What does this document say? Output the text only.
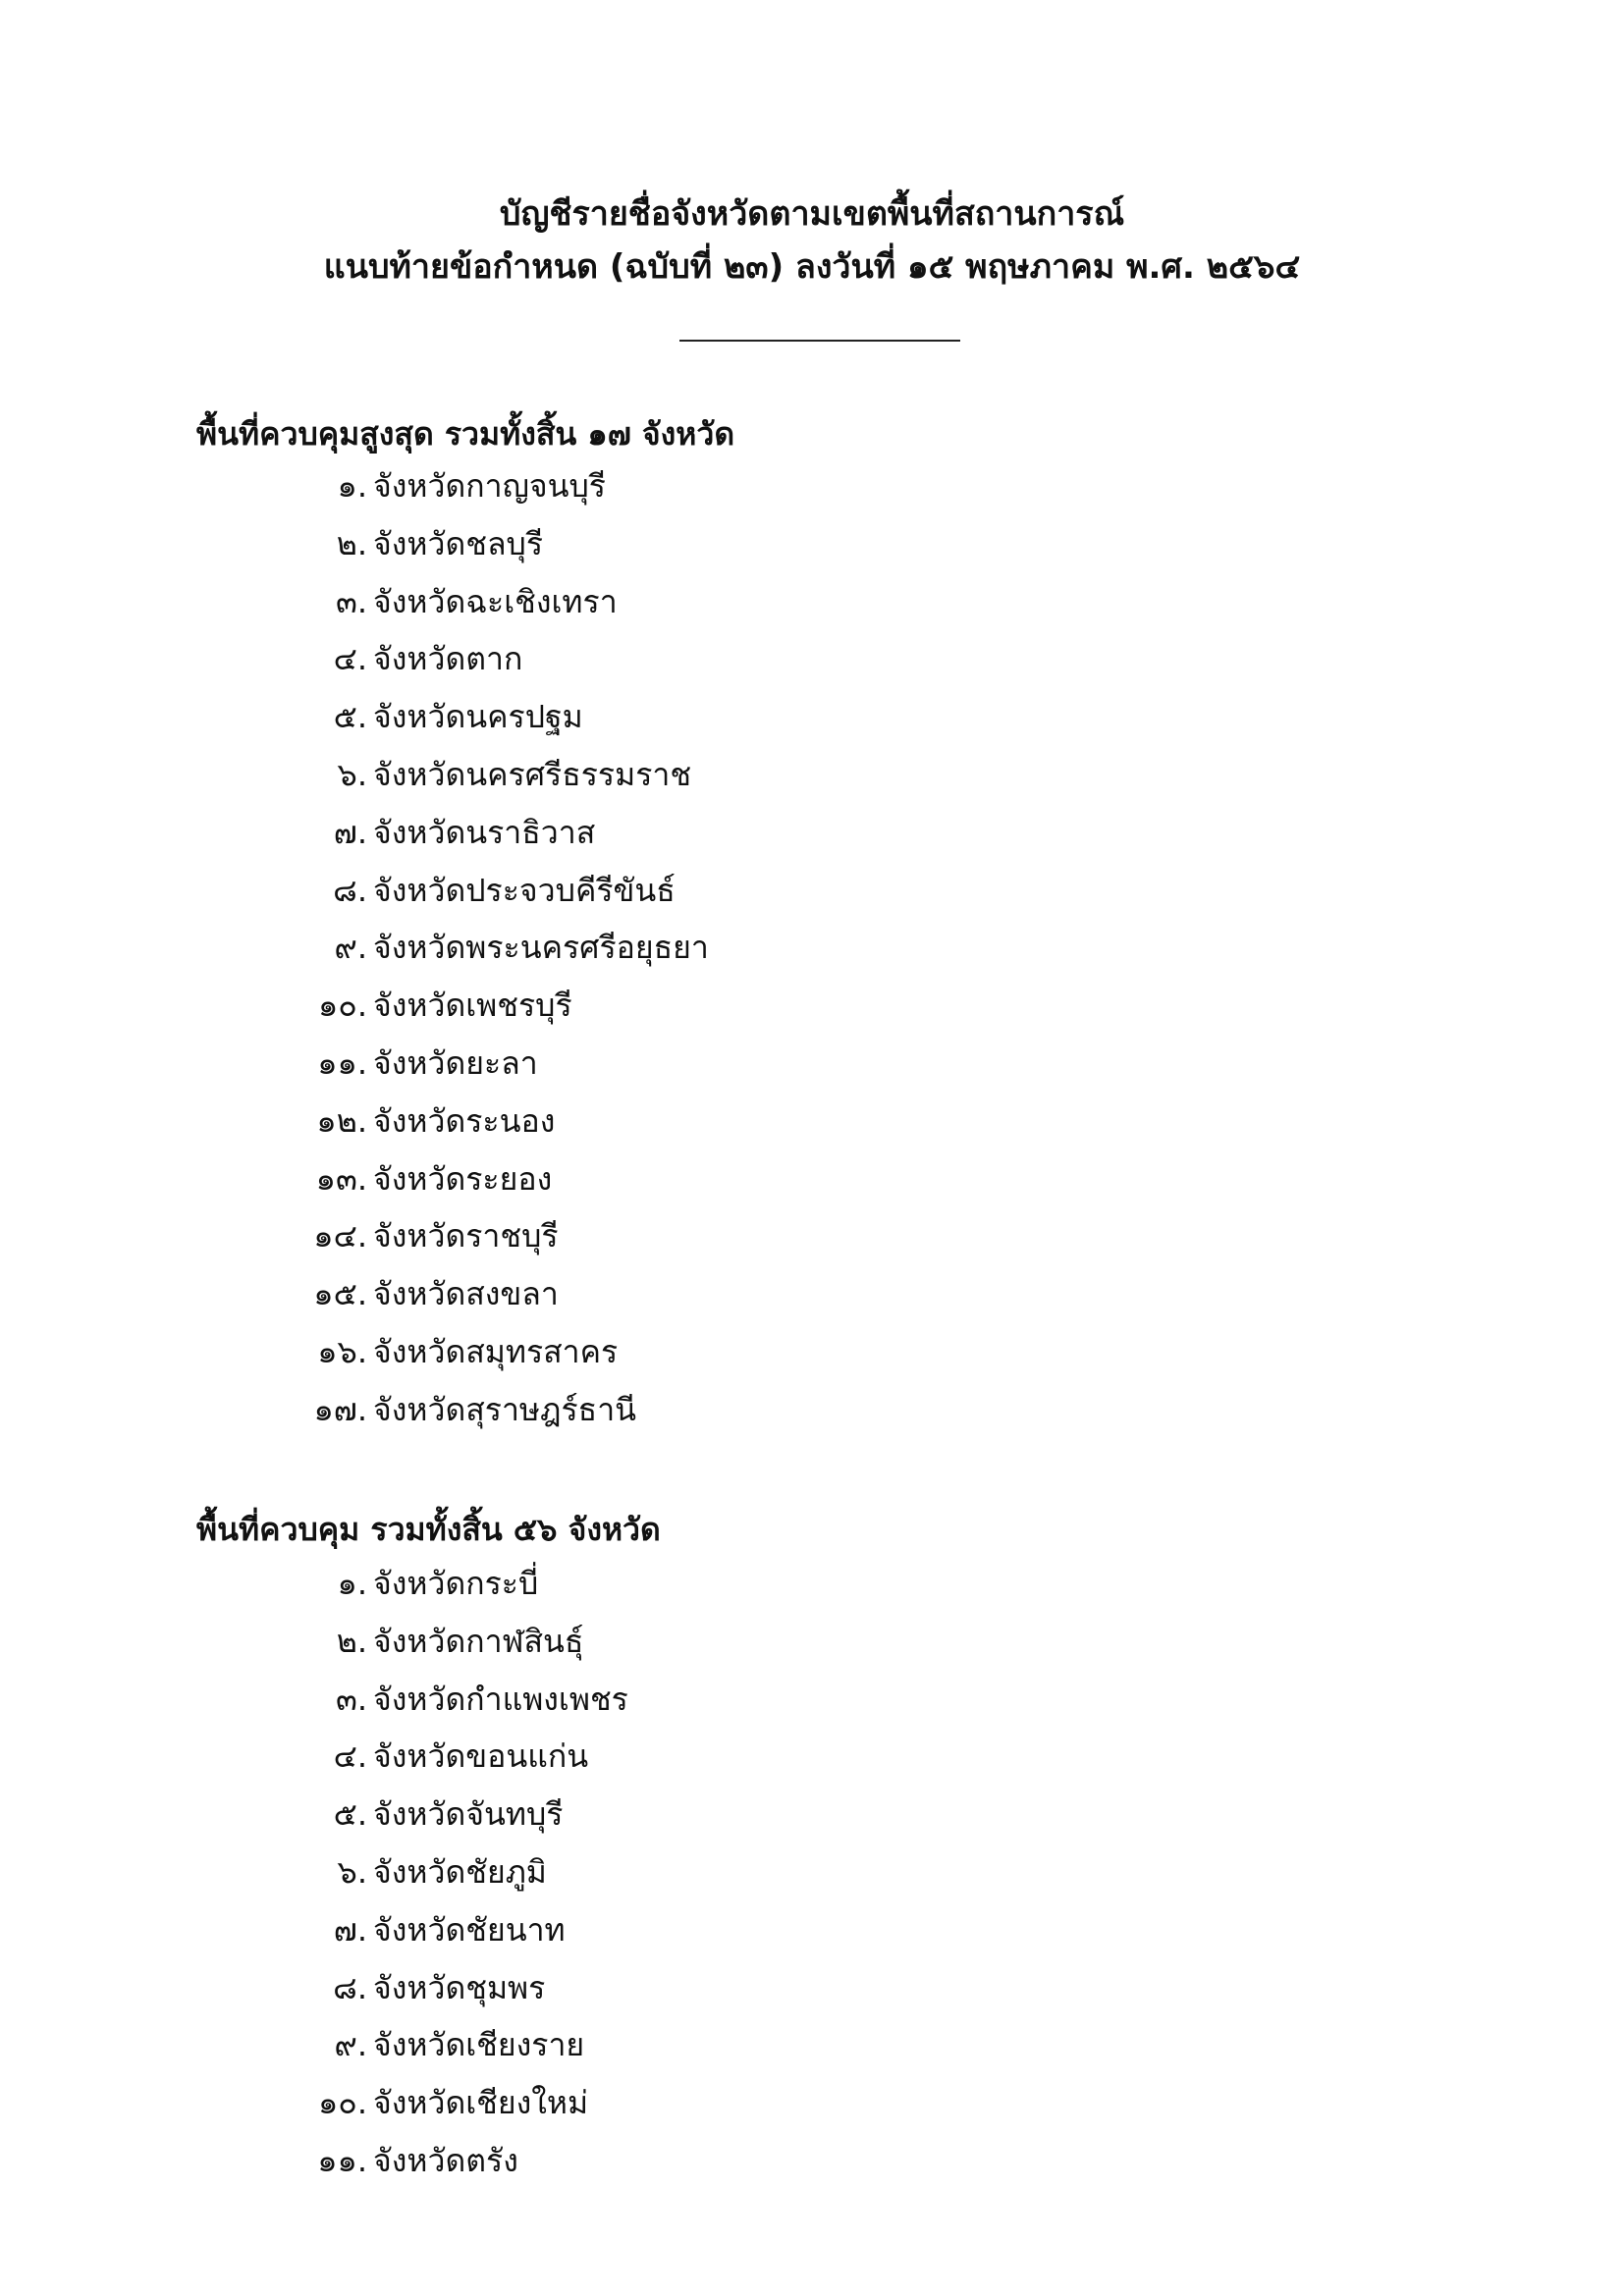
บัญชีรายชื่อจังหวัดตามเขตพื้นที่สถานการณ์
แนบท้ายข้อกำหนด (ฉบับที่ ๒๓) ลงวันที่ ๑๕ พฤษภาคม พ.ศ. ๒๕๖๔
พื้นที่ควบคุมสูงสุด รวมทั้งสิ้น ๑๗ จังหวัด
๑. จังหวัดกาญจนบุรี
๒. จังหวัดชลบุรี
๓. จังหวัดฉะเชิงเทรา
๔. จังหวัดตาก
๕. จังหวัดนครปฐม
๖. จังหวัดนครศรีธรรมราช
๗. จังหวัดนราธิวาส
๘. จังหวัดประจวบคีรีขันธ์
๙. จังหวัดพระนครศรีอยุธยา
๑๐. จังหวัดเพชรบุรี
๑๑. จังหวัดยะลา
๑๒. จังหวัดระนอง
๑๓. จังหวัดระยอง
๑๔. จังหวัดราชบุรี
๑๕. จังหวัดสงขลา
๑๖. จังหวัดสมุทรสาคร
๑๗. จังหวัดสุราษฎร์ธานี
พื้นที่ควบคุม รวมทั้งสิ้น ๕๖ จังหวัด
๑. จังหวัดกระบี่
๒. จังหวัดกาฬสินธุ์
๓. จังหวัดกำแพงเพชร
๔. จังหวัดขอนแก่น
๕. จังหวัดจันทบุรี
๖. จังหวัดชัยภูมิ
๗. จังหวัดชัยนาท
๘. จังหวัดชุมพร
๙. จังหวัดเชียงราย
๑๐. จังหวัดเชียงใหม่
๑๑. จังหวัดตรัง
